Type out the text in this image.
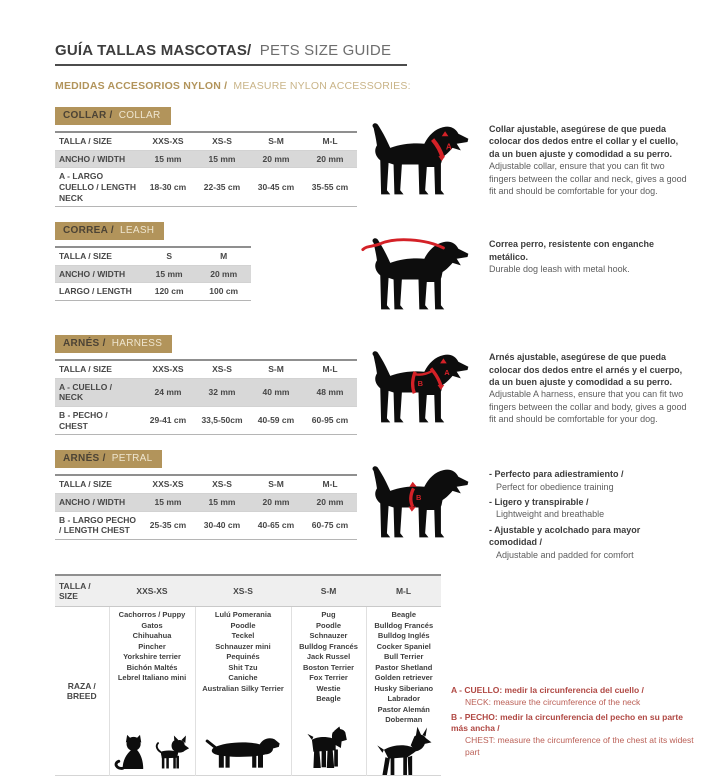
GUÍA TALLAS MASCOTAS/ PETS SIZE GUIDE
MEDIDAS ACCESORIOS NYLON / MEASURE NYLON ACCESSORIES:
COLLAR / COLLAR
TALLA / SIZE	XXS-XS	XS-S	S-M	M-L
ANCHO / WIDTH	15 mm	15 mm	20 mm	20 mm
A - LARGO CUELLO / LENGTH NECK	18-30 cm	22-35 cm	30-45 cm	35-55 cm
A

Collar ajustable, asegúrese de que pueda colocar dos dedos entre el collar y el cuello, da un buen ajuste y comodidad a su perro.

Adjustable collar, ensure that you can fit two fingers between the collar and neck, gives a good fit and should be comfortable for your dog.

CORREA / LEASH
TALLA / SIZE	S	M
ANCHO / WIDTH	15 mm	20 mm
LARGO / LENGTH	120 cm	100 cm

Correa perro, resistente con enganche metálico.

Durable dog leash with metal hook.

ARNÉS / HARNESS
TALLA / SIZE	XXS-XS	XS-S	S-M	M-L
A - CUELLO / NECK	24 mm	32 mm	40 mm	48 mm
B - PECHO / CHEST	29-41 cm	33,5-50cm	40-59 cm	60-95 cm
A
B

Arnés ajustable, asegúrese de que pueda colocar dos dedos entre el arnés y el cuerpo, da un buen ajuste y comodidad a su perro.

Adjustable A harness, ensure that you can fit two fingers between the collar and body, gives a good fit and should be comfortable for your dog.

ARNÉS / PETRAL
TALLA / SIZE	XXS-XS	XS-S	S-M	M-L
ANCHO / WIDTH	15 mm	15 mm	20 mm	20 mm
B - LARGO PECHO / LENGTH CHEST	25-35 cm	30-40 cm	40-65 cm	60-75 cm
B
- Perfecto para adiestramiento /
Perfect for obedience training
- Ligero y transpirable /
Lightweight and breathable
- Ajustable y acolchado para mayor comodidad /
Adjustable and padded for comfort
TALLA / SIZE	XXS-XS	XS-S	S-M	M-L
RAZA / BREED	
Cachorros / Puppy
Gatos
Chihuahua
Pincher
Yorkshire terrier
Bichón Maltés
Lebrel Italiano mini

Lulú Pomerania
Poodle
Teckel
Schnauzer mini
Pequinés
Shit Tzu
Caniche
Australian Silky Terrier

Pug
Poodle
Schnauzer
Bulldog Francés
Jack Russel
Boston Terrier
Fox Terrier
Westie
Beagle

Beagle
Bulldog Francés
Bulldog Inglés
Cocker Spaniel
Bull Terrier
Pastor Shetland
Golden retriever
Husky Siberiano
Labrador
Pastor Alemán
Doberman
A - CUELLO: medir la circunferencia del cuello /
NECK: measure the circumference of the neck
B - PECHO: medir la circunferencia del pecho en su parte más ancha /
CHEST: measure the circumference of the chest at its widest part
